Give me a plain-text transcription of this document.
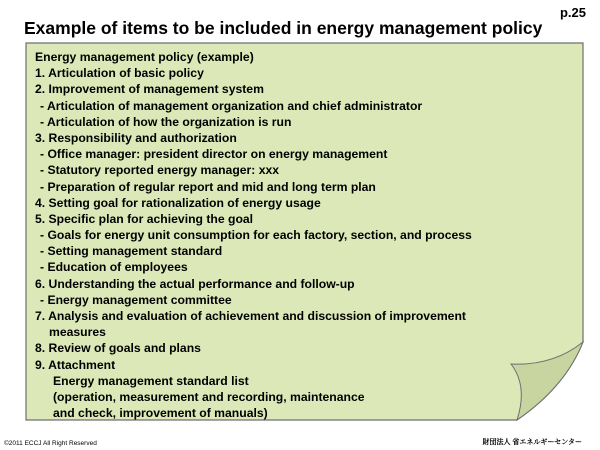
p.25
Example of items to be included in energy management policy
Energy management policy (example)
1. Articulation of basic policy
2. Improvement of management system
- Articulation of management organization and chief administrator
- Articulation of how the organization is run
3. Responsibility and authorization
- Office manager: president director on energy management
- Statutory reported energy manager: xxx
- Preparation of regular report and mid and long term plan
4. Setting goal for rationalization of energy usage
5. Specific plan for achieving the goal
- Goals for energy unit consumption for each factory, section, and process
- Setting management standard
- Education of employees
6. Understanding the actual performance and follow-up
- Energy management committee
7. Analysis and evaluation of achievement and discussion of improvement
measures
8. Review of goals and plans
9. Attachment
Energy management standard list
(operation, measurement and recording, maintenance
and check, improvement of manuals)
©2011 ECCJ All Right Reserved	財団法人 省エネルギーセンター
